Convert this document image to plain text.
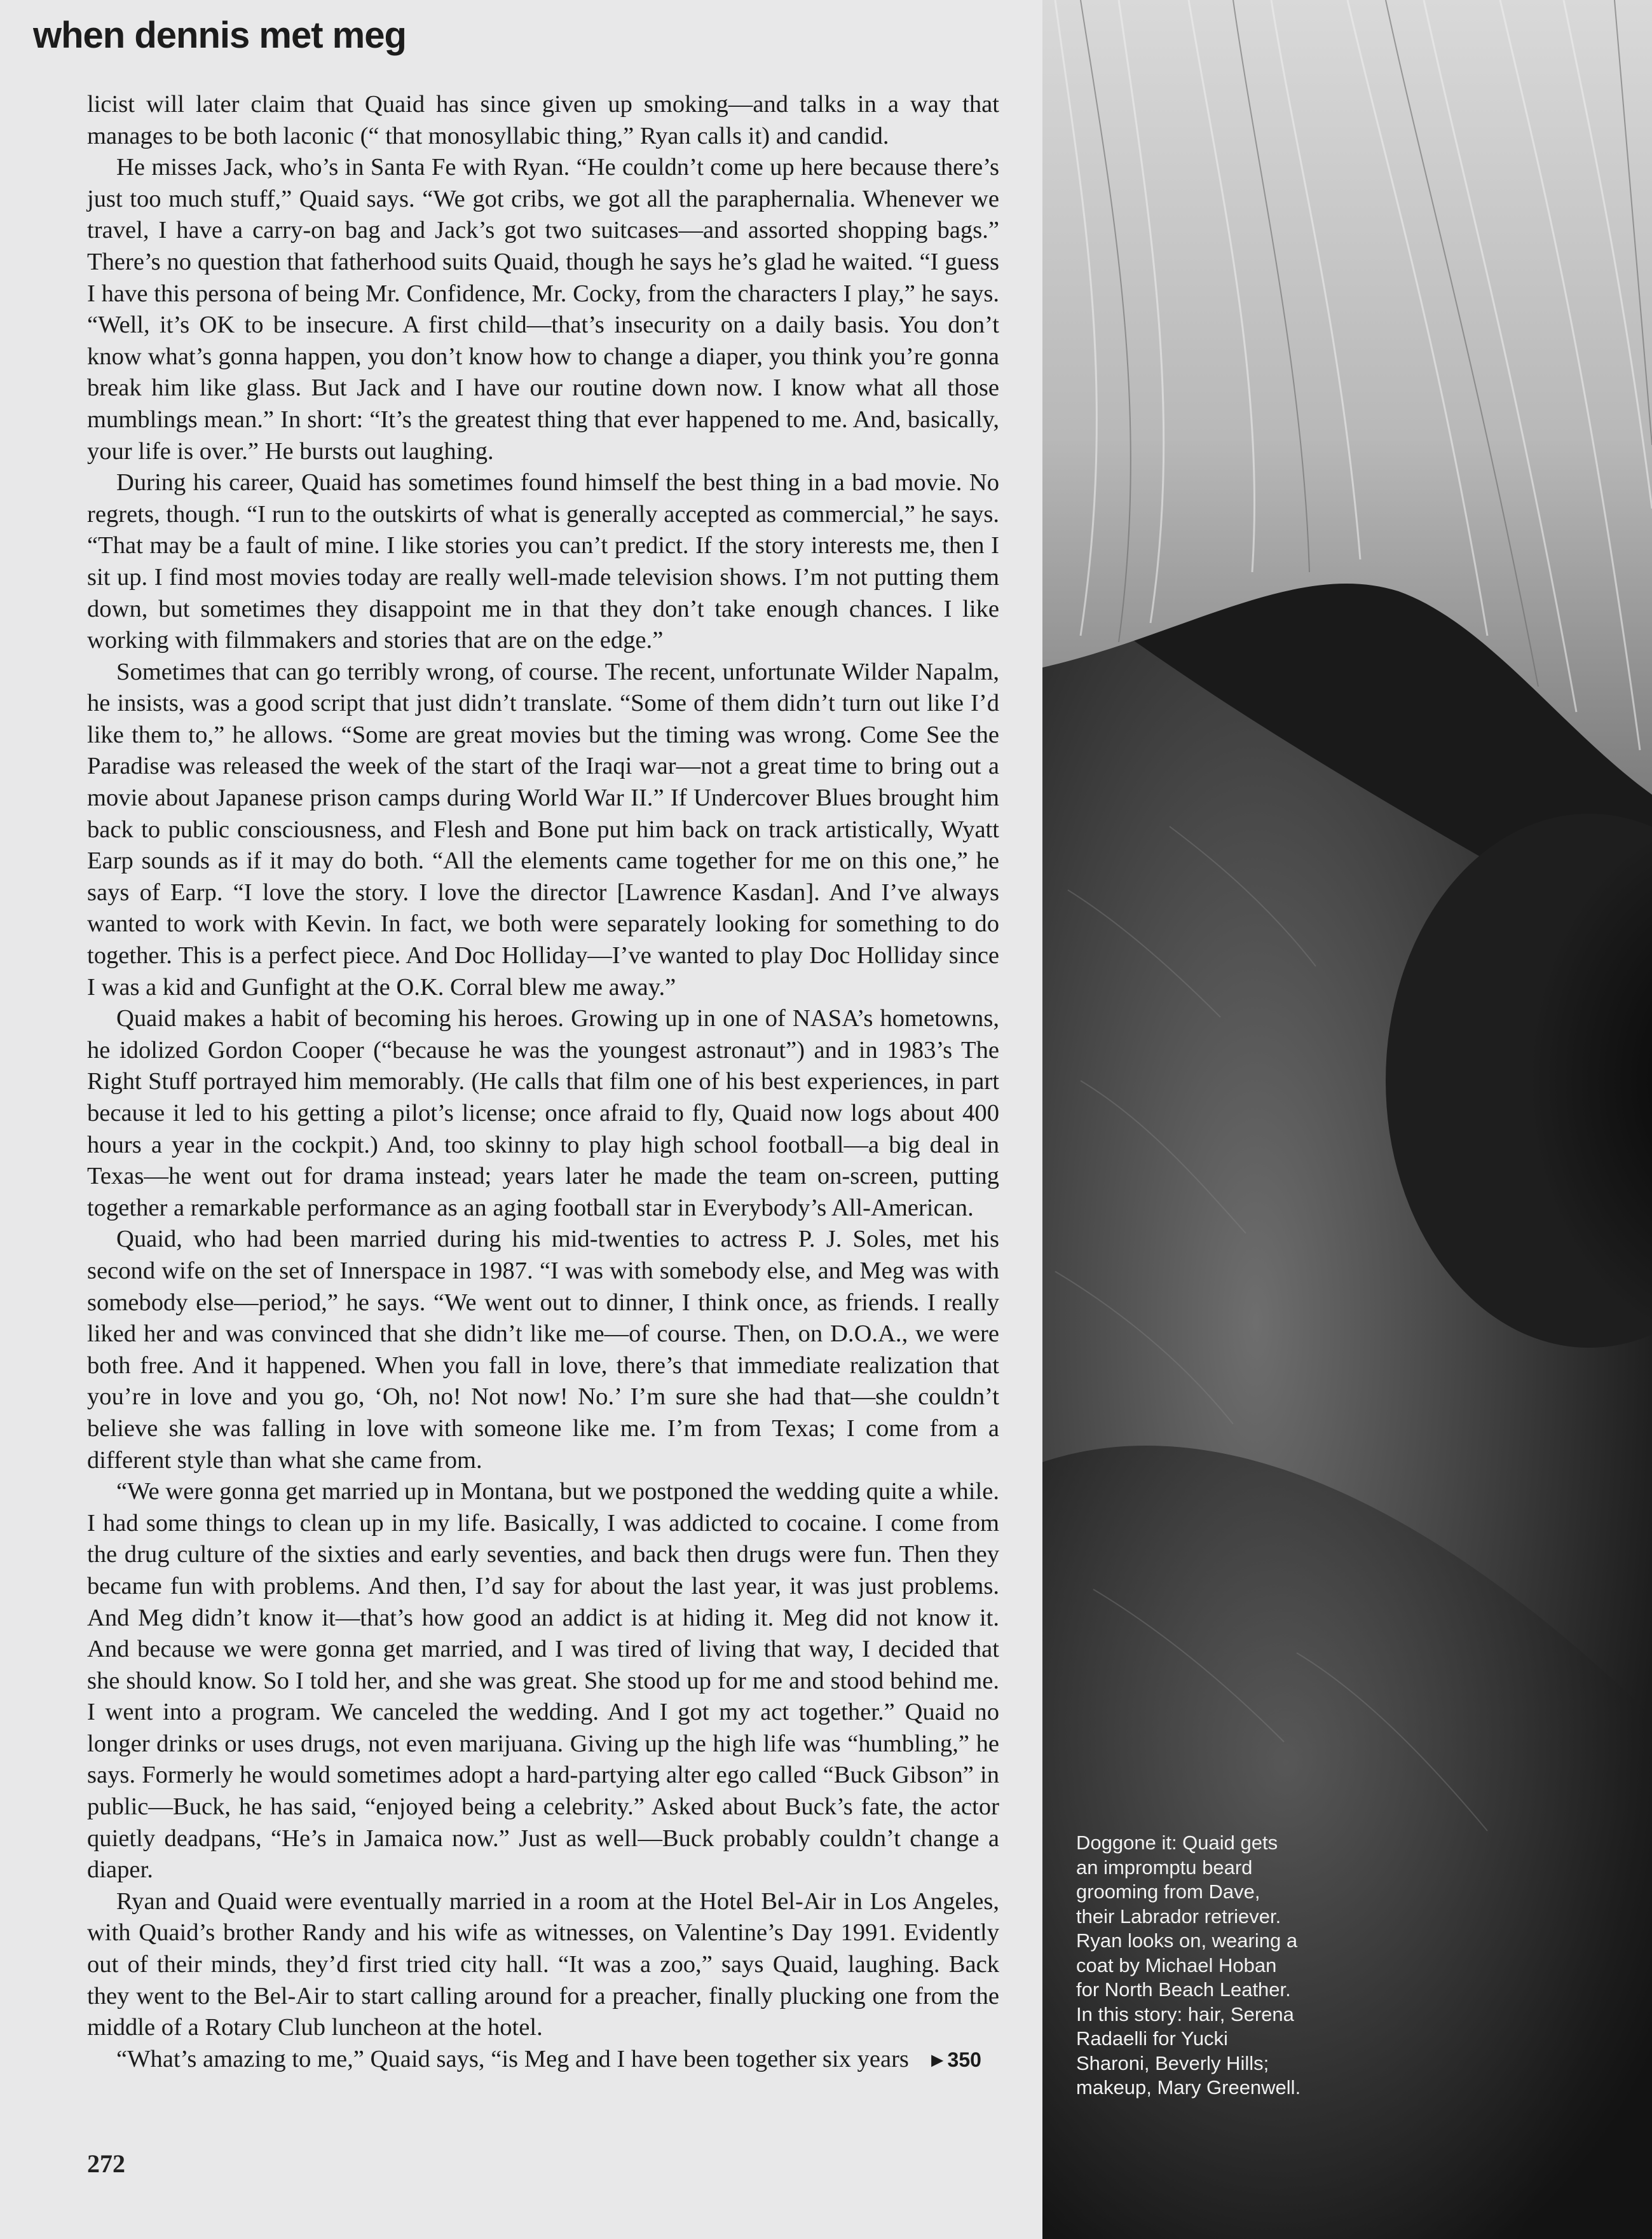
when dennis met meg

licist will later claim that Quaid has since given up smoking—and talks in a way that manages to be both laconic (“ that monosyllabic thing,” Ryan calls it) and candid.

He misses Jack, who’s in Santa Fe with Ryan. “He couldn’t come up here because there’s just too much stuff,” Quaid says. “We got cribs, we got all the paraphernalia. Whenever we travel, I have a carry-on bag and Jack’s got two suitcases—and assorted shopping bags.” There’s no question that fatherhood suits Quaid, though he says he’s glad he waited. “I guess I have this persona of being Mr. Confidence, Mr. Cocky, from the characters I play,” he says. “Well, it’s OK to be insecure. A first child—that’s insecurity on a daily basis. You don’t know what’s gonna happen, you don’t know how to change a diaper, you think you’re gonna break him like glass. But Jack and I have our routine down now. I know what all those mumblings mean.” In short: “It’s the greatest thing that ever happened to me. And, basically, your life is over.” He bursts out laughing.

During his career, Quaid has sometimes found himself the best thing in a bad movie. No regrets, though. “I run to the outskirts of what is generally accepted as commercial,” he says. “That may be a fault of mine. I like stories you can’t predict. If the story interests me, then I sit up. I find most movies today are really well-made television shows. I’m not putting them down, but sometimes they disappoint me in that they don’t take enough chances. I like working with filmmakers and stories that are on the edge.”

Sometimes that can go terribly wrong, of course. The recent, unfortunate Wilder Napalm, he insists, was a good script that just didn’t translate. “Some of them didn’t turn out like I’d like them to,” he allows. “Some are great movies but the timing was wrong. Come See the Paradise was released the week of the start of the Iraqi war—not a great time to bring out a movie about Japanese prison camps during World War II.” If Undercover Blues brought him back to public consciousness, and Flesh and Bone put him back on track artistically, Wyatt Earp sounds as if it may do both. “All the elements came together for me on this one,” he says of Earp. “I love the story. I love the director [Lawrence Kasdan]. And I’ve always wanted to work with Kevin. In fact, we both were separately looking for something to do together. This is a perfect piece. And Doc Holliday—I’ve wanted to play Doc Holliday since I was a kid and Gunfight at the O.K. Corral blew me away.”

Quaid makes a habit of becoming his heroes. Growing up in one of NASA’s hometowns, he idolized Gordon Cooper (“because he was the youngest astronaut”) and in 1983’s The Right Stuff portrayed him memorably. (He calls that film one of his best experiences, in part because it led to his getting a pilot’s license; once afraid to fly, Quaid now logs about 400 hours a year in the cockpit.) And, too skinny to play high school football—a big deal in Texas—he went out for drama instead; years later he made the team on-screen, putting together a remarkable performance as an aging football star in Everybody’s All-American.

Quaid, who had been married during his mid-twenties to actress P. J. Soles, met his second wife on the set of Innerspace in 1987. “I was with somebody else, and Meg was with somebody else—period,” he says. “We went out to dinner, I think once, as friends. I really liked her and was convinced that she didn’t like me—of course. Then, on D.O.A., we were both free. And it happened. When you fall in love, there’s that immediate realization that you’re in love and you go, ‘Oh, no! Not now! No.’ I’m sure she had that—she couldn’t believe she was falling in love with someone like me. I’m from Texas; I come from a different style than what she came from.

“We were gonna get married up in Montana, but we postponed the wedding quite a while. I had some things to clean up in my life. Basically, I was addicted to cocaine. I come from the drug culture of the sixties and early seventies, and back then drugs were fun. Then they became fun with problems. And then, I’d say for about the last year, it was just problems. And Meg didn’t know it—that’s how good an addict is at hiding it. Meg did not know it. And because we were gonna get married, and I was tired of living that way, I decided that she should know. So I told her, and she was great. She stood up for me and stood behind me. I went into a program. We canceled the wedding. And I got my act together.” Quaid no longer drinks or uses drugs, not even marijuana. Giving up the high life was “humbling,” he says. Formerly he would sometimes adopt a hard-partying alter ego called “Buck Gibson” in public—Buck, he has said, “enjoyed being a celebrity.” Asked about Buck’s fate, the actor quietly deadpans, “He’s in Jamaica now.” Just as well—Buck probably couldn’t change a diaper.

Ryan and Quaid were eventually married in a room at the Hotel Bel-Air in Los Angeles, with Quaid’s brother Randy and his wife as witnesses, on Valentine’s Day 1991. Evidently out of their minds, they’d first tried city hall. “It was a zoo,” says Quaid, laughing. Back they went to the Bel-Air to start calling around for a preacher, finally plucking one from the middle of a Rotary Club luncheon at the hotel.

“What’s amazing to me,” Quaid says, “is Meg and I have been together six years ►350

272
Doggone it: Quaid gets
an impromptu beard
grooming from Dave,
their Labrador retriever.
Ryan looks on, wearing a
coat by Michael Hoban
for North Beach Leather.
In this story: hair, Serena
Radaelli for Yucki
Sharoni, Beverly Hills;
makeup, Mary Greenwell.
